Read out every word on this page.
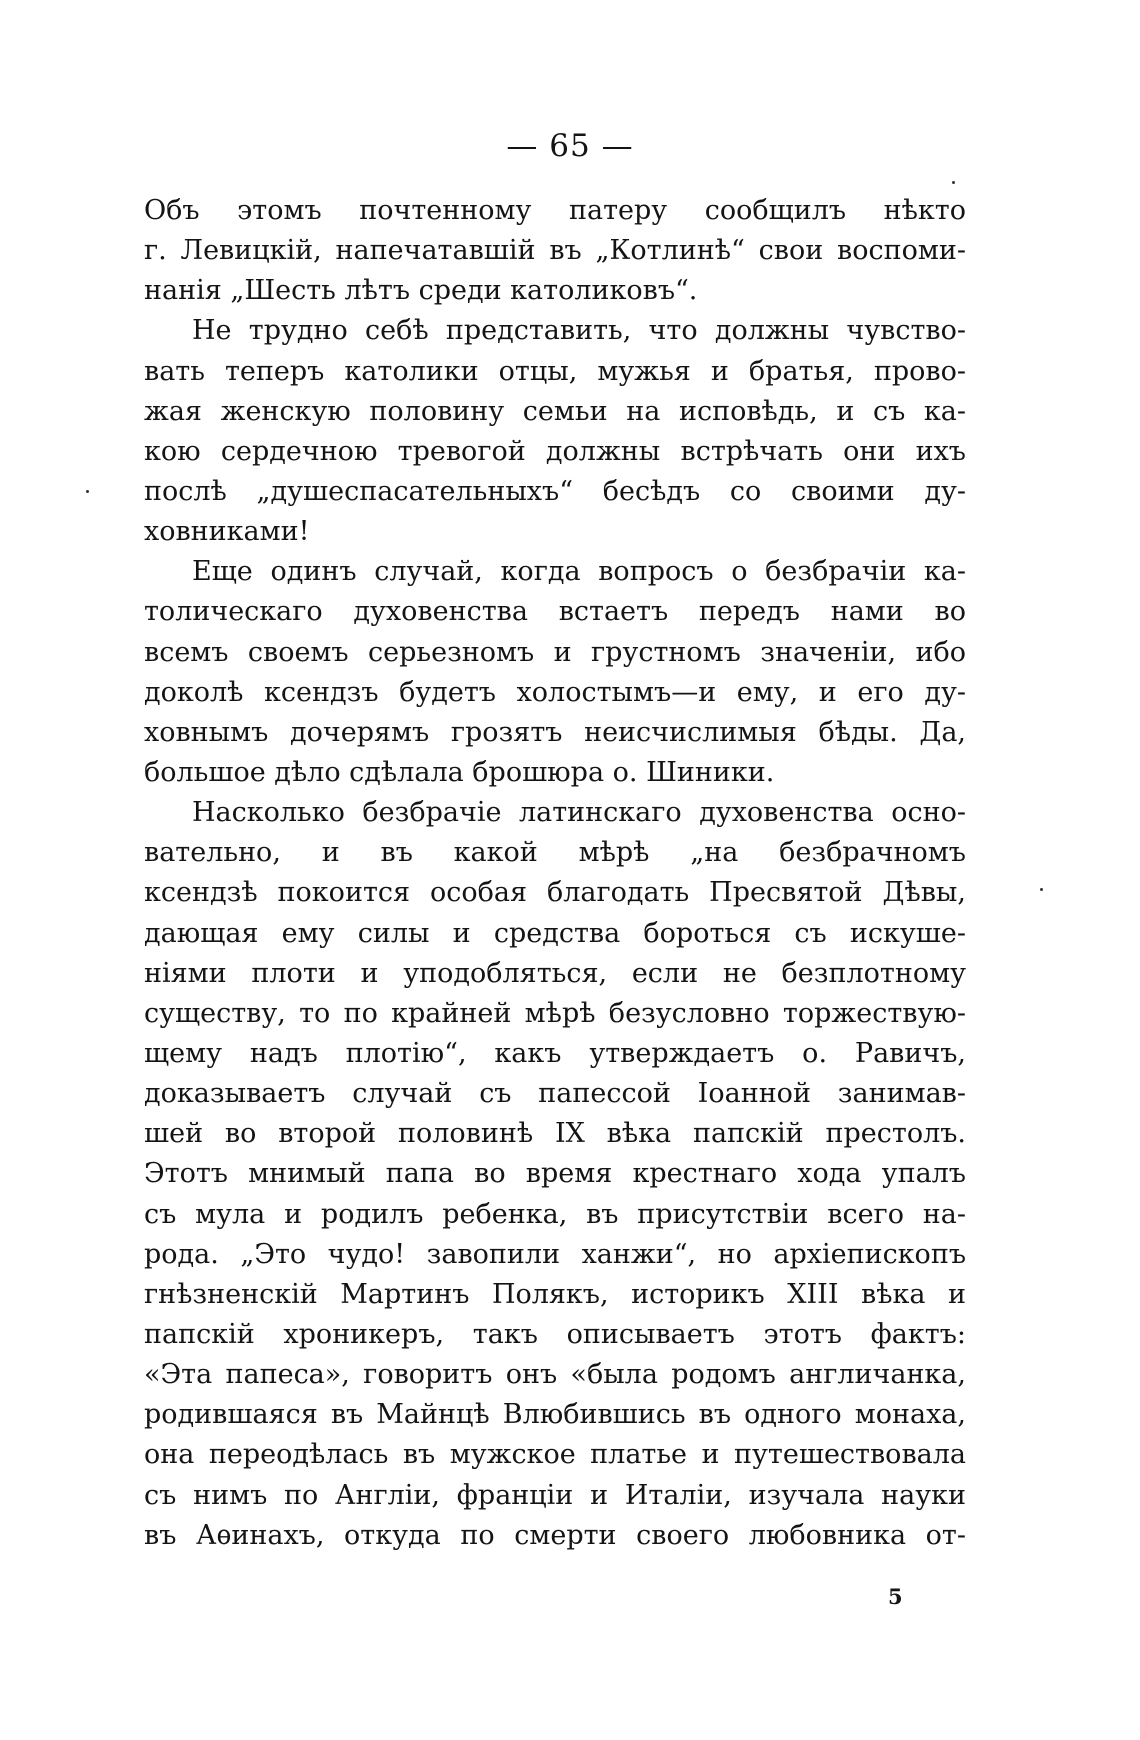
— 65 —
Объ этомъ почтенному патеру сообщилъ нѣкто
г. Левицкій, напечатавшій въ „Котлинѣ“ свои воспоми-
нанія „Шесть лѣтъ среди католиковъ“.
Не трудно себѣ представить, что должны чувство-
вать теперъ католики отцы, мужья и братья, прово-
жая женскую половину семьи на исповѣдь, и съ ка-
кою сердечною тревогой должны встрѣчать они ихъ
послѣ „душеспасательныхъ“ бесѣдъ со своими ду-
ховниками!
Еще одинъ случай, когда вопросъ о безбрачіи ка-
толическаго духовенства встаетъ передъ нами во
всемъ своемъ серьезномъ и грустномъ значеніи, ибо
доколѣ ксендзъ будетъ холостымъ—и ему, и его ду-
ховнымъ дочерямъ грозятъ неисчислимыя бѣды. Да,
большое дѣло сдѣлала брошюра о. Шиники.
Насколько безбрачіе латинскаго духовенства осно-
вательно, и въ какой мѣрѣ „на безбрачномъ
ксендзѣ покоится особая благодать Пресвятой Дѣвы,
дающая ему силы и средства бороться съ искуше-
ніями плоти и уподобляться, если не безплотному
существу, то по крайней мѣрѣ безусловно торжествую-
щему надъ плотію“, какъ утверждаетъ о. Равичъ,
доказываетъ случай съ папессой Іоанной занимав-
шей во второй половинѣ IX вѣка папскій престолъ.
Этотъ мнимый папа во время крестнаго хода упалъ
съ мула и родилъ ребенка, въ присутствіи всего на-
рода. „Это чудо! завопили ханжи“, но архіепископъ
гнѣзненскій Мартинъ Полякъ, историкъ XIII вѣка и
папскій хроникеръ, такъ описываетъ этотъ фактъ:
«Эта папеса», говоритъ онъ «была родомъ англичанка,
родившаяся въ Майнцѣ Влюбившись въ одного монаха,
она переодѣлась въ мужское платье и путешествовала
съ нимъ по Англіи, франціи и Италіи, изучала науки
въ Аѳинахъ, откуда по смерти своего любовника от-
5
